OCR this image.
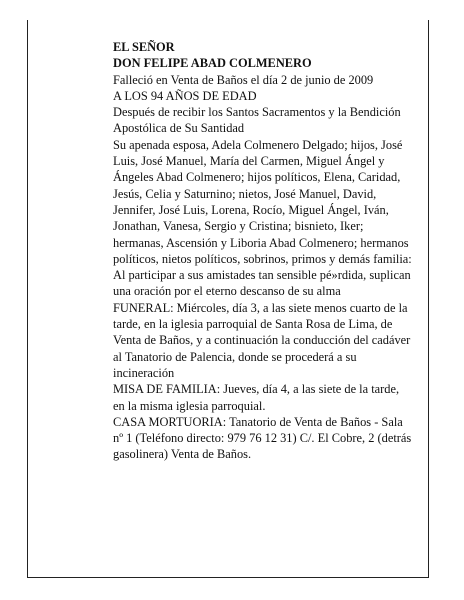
EL SEÑOR

DON FELIPE ABAD COLMENERO

Falleció en Venta de Baños el día 2 de junio de 2009

A LOS 94 AÑOS DE EDAD

Después de recibir los Santos Sacramentos y la Bendición Apostólica de Su Santidad

Su apenada esposa, Adela Colmenero Delgado; hijos, José Luis, José Manuel, María del Carmen, Miguel Ángel y Ángeles Abad Colmenero; hijos políticos, Elena, Caridad, Jesús, Celia y Saturnino; nietos, José Manuel, David, Jennifer, José Luis, Lorena, Rocío, Miguel Ángel, Iván, Jonathan, Vanesa, Sergio y Cristina; bisnieto, Iker; hermanas, Ascensión y Liboria Abad Colmenero; hermanos políticos, nietos políticos, sobrinos, primos y demás familia:

Al participar a sus amistades tan sensible pé»rdida, suplican una oración por el eterno descanso de su alma

FUNERAL: Miércoles, día 3, a las siete menos cuarto de la tarde, en la iglesia parroquial de Santa Rosa de Lima, de Venta de Baños, y a continuación la conducción del cadáver al Tanatorio de Palencia, donde se procederá a su incineración

MISA DE FAMILIA: Jueves, día 4, a las siete de la tarde, en la misma iglesia parroquial.

CASA MORTUORIA: Tanatorio de Venta de Baños - Sala nº 1 (Teléfono directo: 979 76 12 31) C/. El Cobre, 2 (detrás gasolinera) Venta de Baños.
